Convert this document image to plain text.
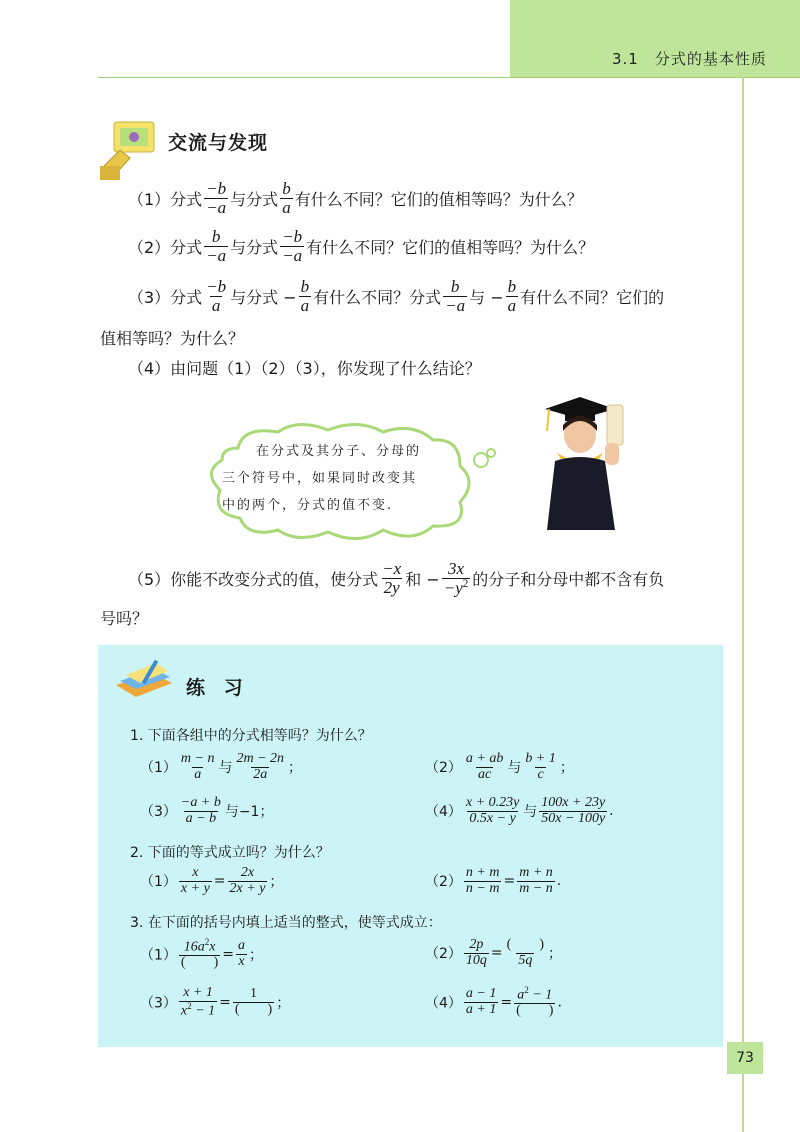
3.1　分式的基本性质
交流与发现
（1）分式 $\frac{-b}{-a}$ 与分式 $\frac{b}{a}$ 有什么不同？它们的值相等吗？为什么？
（2）分式 $\frac{b}{-a}$ 与分式 $\frac{-b}{-a}$ 有什么不同？它们的值相等吗？为什么？
（3）分式 $\frac{-b}{a}$ 与分式 − $\frac{b}{a}$ 有什么不同？分式 $\frac{b}{-a}$ 与 − $\frac{b}{a}$ 有什么不同？它们的
值相等吗？为什么？
（4）由问题（1）（2）（3），你发现了什么结论？
在分式及其分子、分母的
三个符号中，如果同时改变其
中的两个，分式的值不变.
（5）你能不改变分式的值，使分式 $\frac{-x}{2y}$ 和 − $\frac{3x}{-y^2}$ 的分子和分母中都不含有负
号吗？
练 习
1. 下面各组中的分式相等吗？为什么？
$(1) \frac{m - n}{a}$ 与 $\frac{2m - 2n}{2a}$ ；	$(2) \frac{a + ab}{ac}$ 与 $\frac{b + 1}{c}$ ；
$(3) \frac{-a + b}{a - b}$ 与−1；	$(4) \frac{x + 0.23y}{0.5x - y}$ 与 $\frac{100x + 23y}{50x - 100y}$ .
2. 下面的等式成立吗？为什么？
$(1) \frac{x}{x + y} = \frac{2x}{2x + y}$ ；	$(2) \frac{n + m}{n - m} = \frac{m + n}{m - n}$ .
3. 在下面的括号内填上适当的整式，使等式成立：
$(1) \frac{16a^2x}{( )} = \frac{a}{x}$ ；	$(2) \frac{2p}{10q} = \frac{( )}{5q}$ ；
$(3) \frac{x + 1}{x^2 - 1} = \frac{1}{( )}$ ；	$(4) \frac{a - 1}{a + 1} = \frac{a^2 - 1}{( )}$ .
73
